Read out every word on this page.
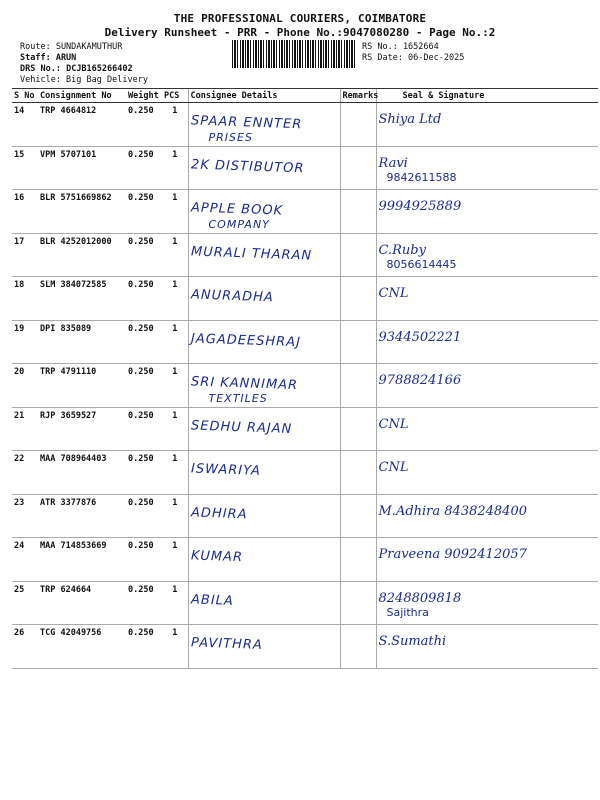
THE PROFESSIONAL COURIERS, COIMBATORE
Delivery Runsheet - PRR - Phone No.:9047080280 - Page No.:2
Route: SUNDAKAMUTHUR
Staff: ARUN
DRS No.: DCJB165266402
Vehicle: Big Bag Delivery
RS No.: 1652664
RS Date: 06-Dec-2025
S No	Consignment No	Weight	PCS	Consignee Details	Remarks	Seal & Signature
14	TRP 4664812	0.250	1	SPAAR ENNTER
PRISES		Shiya Ltd

15	VPM 5707101	0.250	1	2K DISTIBUTOR		Ravi
9842611588

16	BLR 5751669862	0.250	1	APPLE BOOK
COMPANY		9994925889

17	BLR 4252012000	0.250	1	MURALI THARAN		C.Ruby
8056614445

18	SLM 384072585	0.250	1	ANURADHA		CNL

19	DPI 835089	0.250	1	JAGADEESHRAJ		9344502221

20	TRP 4791110	0.250	1	SRI KANNIMAR
TEXTILES		9788824166

21	RJP 3659527	0.250	1	SEDHU RAJAN		CNL

22	MAA 708964403	0.250	1	ISWARIYA		CNL

23	ATR 3377876	0.250	1	ADHIRA		M.Adhira 8438248400

24	MAA 714853669	0.250	1	KUMAR		Praveena 9092412057

25	TRP 624664	0.250	1	ABILA		8248809818
Sajithra

26	TCG 42049756	0.250	1	PAVITHRA		S.Sumathi
